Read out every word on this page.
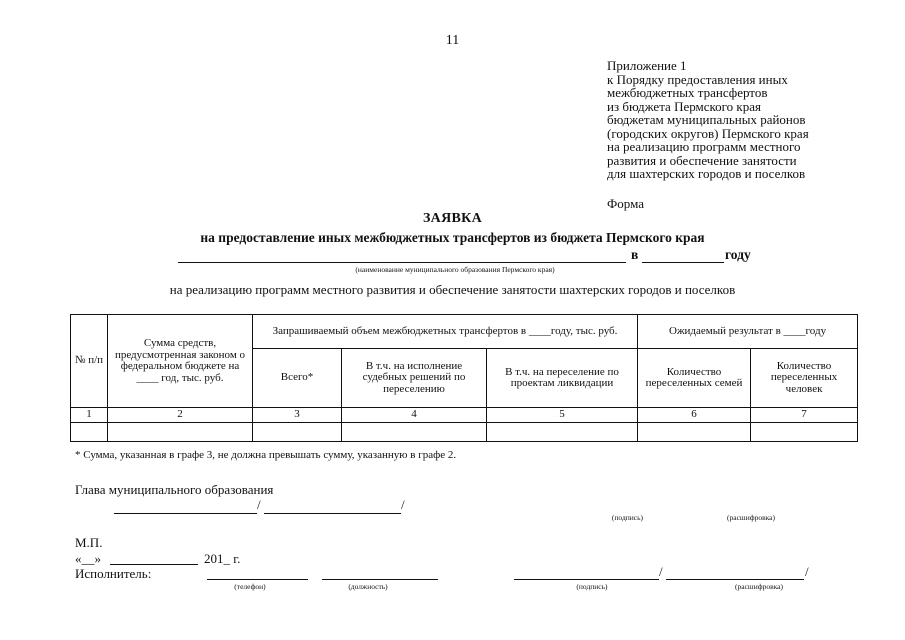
11
Приложение 1
к Порядку предоставления иных
межбюджетных трансфертов
из бюджета Пермского края
бюджетам муниципальных районов
(городских округов) Пермского края
на реализацию программ местного
развития и обеспечение занятости
для шахтерских городов и поселков
Форма
ЗАЯВКА
на предоставление иных межбюджетных трансфертов из бюджета Пермского края
в	году
(наименование муниципального образования Пермского края)
на реализацию программ местного развития и обеспечение занятости шахтерских городов и поселков
№ п/п	Сумма средств, предусмотренная законом о федеральном бюджете на ____ год, тыс. руб.	Запрашиваемый объем межбюджетных трансфертов в ____году, тыс. руб.			Ожидаемый результат в ____году	
		Всего*	В т.ч. на исполнение судебных решений по переселению	В т.ч. на переселение по проектам ликвидации	Количество переселенных семей	Количество переселенных человек
1	2	3	4	5	6	7

* Сумма, указанная в графе 3, не должна превышать сумму, указанную в графе 2.
Глава муниципального образования
/	/
(подпись)	(расшифровка)
М.П.
«__»	201_ г.
Исполнитель:
(телефон)	(должность)
/	/
(подпись)	(расшифровка)
